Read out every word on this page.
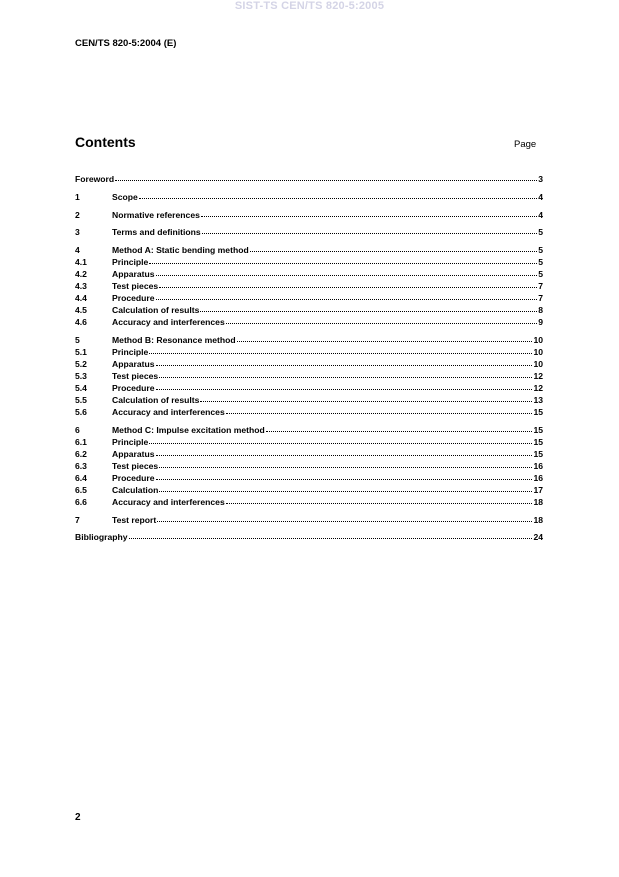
SIST-TS CEN/TS 820-5:2005
CEN/TS 820-5:2004 (E)
Contents	Page
Foreword	3
1	Scope	4
2	Normative references	4
3	Terms and definitions	5
4	Method A: Static bending method	5
4.1	Principle	5
4.2	Apparatus	5
4.3	Test pieces	7
4.4	Procedure	7
4.5	Calculation of results	8
4.6	Accuracy and interferences	9
5	Method B: Resonance method	10
5.1	Principle	10
5.2	Apparatus	10
5.3	Test pieces	12
5.4	Procedure	12
5.5	Calculation of results	13
5.6	Accuracy and interferences	15
6	Method C: Impulse excitation method	15
6.1	Principle	15
6.2	Apparatus	15
6.3	Test pieces	16
6.4	Procedure	16
6.5	Calculation	17
6.6	Accuracy and interferences	18
7	Test report	18
Bibliography	24
2
